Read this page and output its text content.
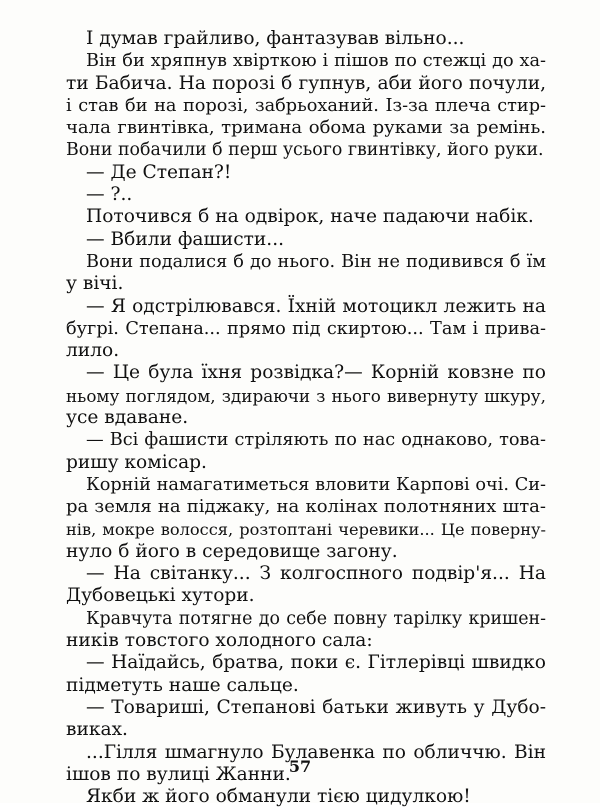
І думав грайливо, фантазував вільно...
Він би хряпнув хвірткою і пішов по стежці до ха-
ти Бабича. На порозі б гупнув, аби його почули,
і став би на порозі, забрьоханий. Із-за плеча стир-
чала гвинтівка, тримана обома руками за ремінь.
Вони побачили б перш усього гвинтівку, його руки.
— Де Степан?!
— ?..
Поточився б на одвірок, наче падаючи набік.
— Вбили фашисти...
Вони подалися б до нього. Він не подивився б їм
у вічі.
— Я одстрілювався. Їхній мотоцикл лежить на
бугрі. Степана... прямо під скиртою... Там і прива-
лило.
— Це була їхня розвідка?— Корній ковзне по
ньому поглядом, здираючи з нього вивернуту шкуру,
усе вдаване.
— Всі фашисти стріляють по нас однаково, това-
ришу комісар.
Корній намагатиметься вловити Карпові очі. Си-
ра земля на піджаку, на колінах полотняних шта-
нів, мокре волосся, розтоптані черевики... Це поверну-
нуло б його в середовище загону.
— На світанку... З колгоспного подвір'я... На
Дубовецькі хутори.
Кравчута потягне до себе повну тарілку кришен-
ників товстого холодного сала:
— Наїдайсь, братва, поки є. Гітлерівці швидко
підметуть наше сальце.
— Товариші, Степанові батьки живуть у Дубо-
виках.
...Гілля шмагнуло Булавенка по обличчю. Він
ішов по вулиці Жанни.
Якби ж його обманули тією цидулкою!
57
